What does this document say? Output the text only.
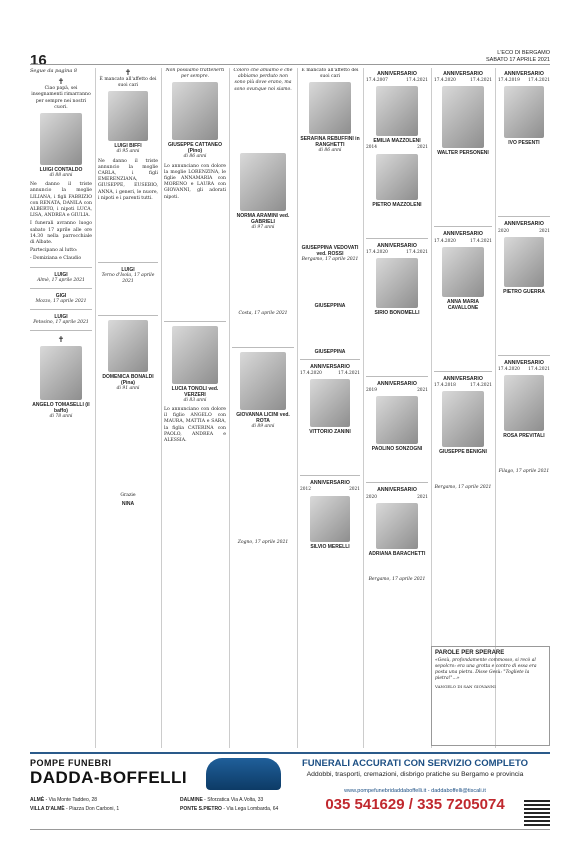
16	L'ECO DI BERGAMO
SABATO 17 APRILE 2021
Segue da pagina 8
✝

Ciao papà, sei insegnamenti rimarranno per sempre nei nostri cuori.

LUIGI CONTALDO
di 88 anni

Ne danno il triste annuncio la moglie LILIANA, i figli FABRIZIO con RENATA, DANILA con ALBERTO, i nipoti LUCA, LISA, ANDREA e GIULIA.

I funerali avranno luogo sabato 17 aprile alle ore 14.30 nella parrocchiale di Albate.

Partecipano al lutto:

- Domiziana e Claudio

LUIGI
Almè, 17 aprile 2021
GIGI
Mozzo, 17 aprile 2021
LUIGI
Petosino, 17 aprile 2021
✝
ANGELO TOMASELLI (il baffo)
di 78 anni
✝

È mancato all'affetto dei suoi cari

LUIGI BIFFI
di 95 anni

Ne danno il triste annuncio la moglie CARLA, i figli EMERENZIANA, GIUSEPPE, EUSEBIO, ANNA, i generi, le nuore, i nipoti e i parenti tutti.

LUIGI
Terno d'Isola, 17 aprile 2021
DOMENICA BONALDI (Pina)
di 91 anni

Grazie

NINA

Non possiamo trattenerti per sempre.

GIUSEPPE CATTANEO (Pino)
di 86 anni

Lo annunciano con dolore la moglie LORENZINA, le figlie ANNAMARIA con MORENO e LAURA con GIOVANNI, gli adorati nipoti.

LUCIA TONOLI ved. VERZERI
di 83 anni

Lo annunciano con dolore il figlio ANGELO con MAURA, MATTIA e SARA, la figlia CATERINA con PAOLO, ANDREA e ALESSIA.

Coloro che amiamo e che abbiamo perduto non sono più dove erano, ma sono ovunque noi siamo.

NORMA ARAMINI ved. GABRIELI
di 97 anni
Costa, 17 aprile 2021
GIOVANNA LICINI ved. ROTA
di 89 anni
Zogno, 17 aprile 2021

È mancato all'affetto dei suoi cari

SERAFINA REBUFFINI in RANGHETTI
di 86 anni
GIUSEPPINA VEDOVATI ved. ROSSI
Bergamo, 17 aprile 2021
GIUSEPPINA
GIUSEPPINA
ANNIVERSARIO
17.4.2020	17.4.2021
VITTORIO ZANINI
ANNIVERSARIO
2012	2021
SILVIO MERELLI
ANNIVERSARIO
17.4.2007	17.4.2021
EMILIA MAZZOLENI
2014	2021
PIETRO MAZZOLENI
ANNIVERSARIO
17.4.2020	17.4.2021
SIRIO BONOMELLI
ANNIVERSARIO
2019	2021
PAOLINO SONZOGNI
ANNIVERSARIO
2020	2021
ADRIANA BARACHETTI
Bergamo, 17 aprile 2021
ANNIVERSARIO
17.4.2020	17.4.2021
WALTER PERSONENI
ANNIVERSARIO
17.4.2020	17.4.2021
ANNA MARIA CAVALLONE
ANNIVERSARIO
17.4.2018	17.4.2021
GIUSEPPE BENIGNI
Bergamo, 17 aprile 2021
ANNIVERSARIO
17.4.2019 17.4.2021
IVO PESENTI
ANNIVERSARIO
2020	2021
PIETRO GUERRA
ANNIVERSARIO
17.4.2020 17.4.2021
ROSA PREVITALI
Filago, 17 aprile 2021
PAROLE PER SPERARE

«Gesù, profondamente commosso, si recò al sepolcro: era una grotta e contro di essa era posta una pietra. Disse Gesù: "Togliete la pietra!"...»

VANGELO DI SAN GIOVANNI

POMPE FUNEBRI
DADDA-BOFFELLI
ALMÈ - Via Monte Taddeo, 28	DALMINE - Sforzatica Via A.Volta, 33
VILLA D'ALMÈ - Piazza Don Carboni, 1	PONTE S.PIETRO - Via Lega Lombarda, 64
FUNERALI ACCURATI CON SERVIZIO COMPLETO
Addobbi, trasporti, cremazioni, disbrigo pratiche su Bergamo e provincia
www.pompefunebridaddaboffelli.it - daddaboffelli@tiscali.it
035 541629 / 335 7205074
